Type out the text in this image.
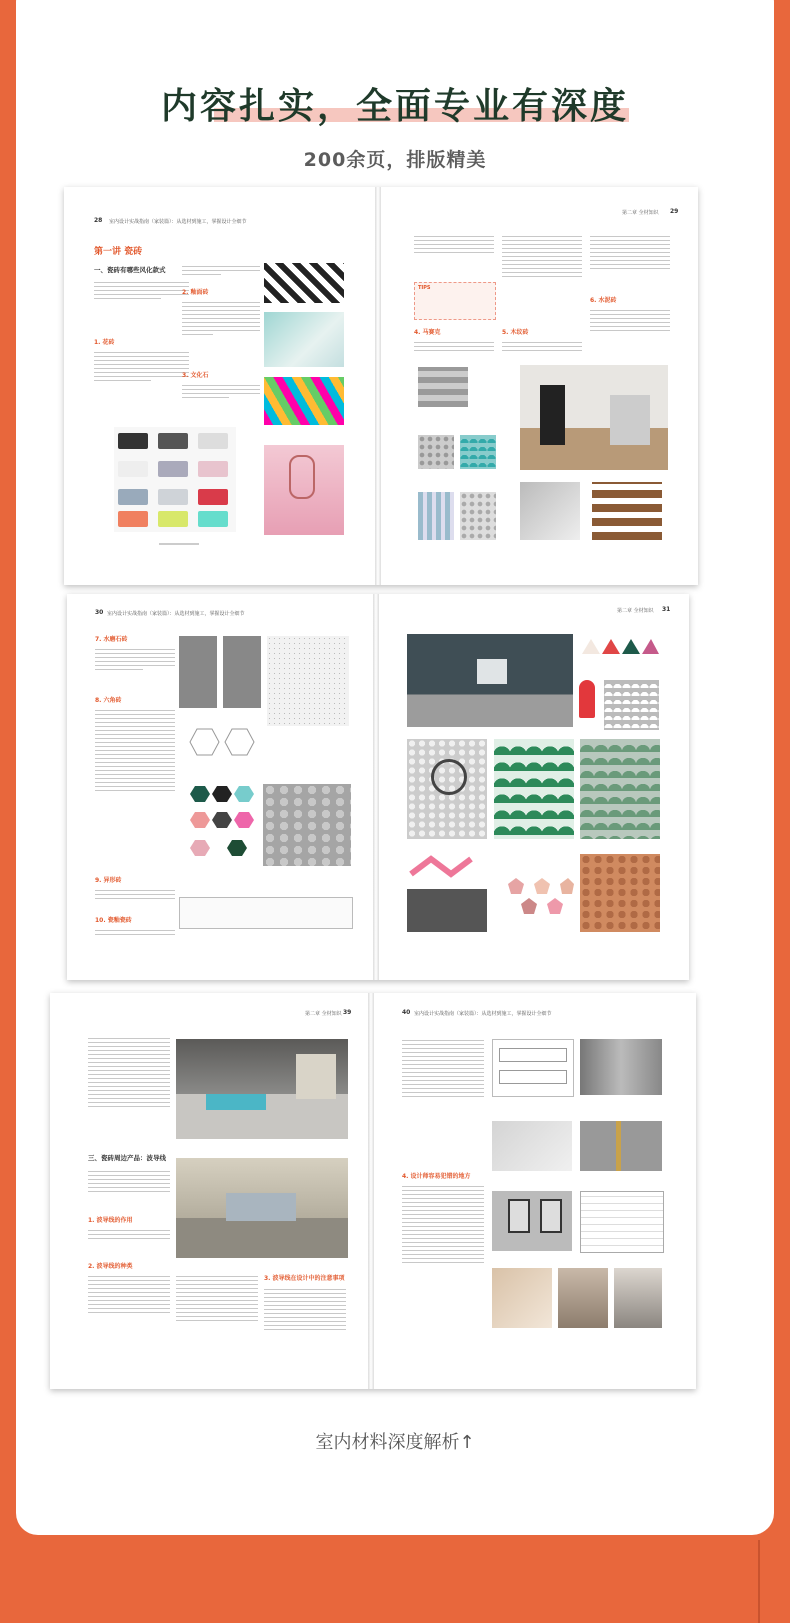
内容扎实，全面专业有深度
200余页，排版精美
28 室内设计实战指南（家装篇）：从选材到施工，掌握设计全细节
第一讲 瓷砖
一、瓷砖有哪些风化款式
1. 花砖
2. 釉面砖
3. 文化石
第二章 全材知识 29
TIPS
4. 马赛克	5. 木纹砖
6. 水泥砖
30 室内设计实战指南（家装篇）：从选材到施工，掌握设计全细节
7. 水磨石砖
8. 六角砖
9. 异形砖
10. 瓷釉瓷砖
第二章 全材知识 31
第二章 全材知识 39
三、瓷砖周边产品：波导线
1. 波导线的作用
2. 波导线的种类
3. 波导线在设计中的注意事项
40 室内设计实战指南（家装篇）：从选材到施工，掌握设计全细节
4. 设计师容易犯错的地方
室内材料深度解析↑
